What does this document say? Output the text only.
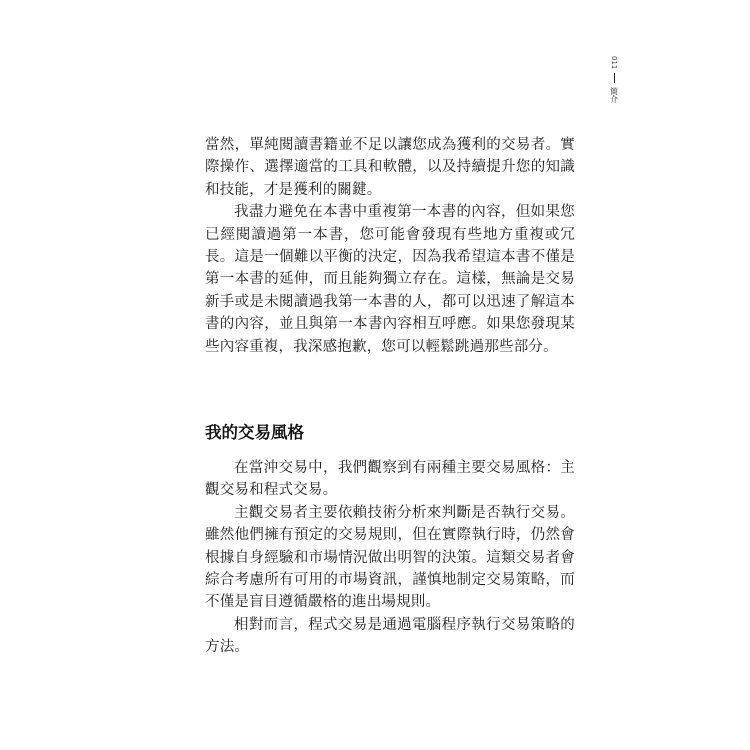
011
簡介

當然，單純閱讀書籍並不足以讓您成為獲利的交易者。實際操作、選擇適當的工具和軟體，以及持續提升您的知識和技能，才是獲利的關鍵。

我盡力避免在本書中重複第一本書的內容，但如果您已經閱讀過第一本書，您可能會發現有些地方重複或冗長。這是一個難以平衡的決定，因為我希望這本書不僅是第一本書的延伸，而且能夠獨立存在。這樣，無論是交易新手或是未閱讀過我第一本書的人，都可以迅速了解這本書的內容，並且與第一本書內容相互呼應。如果您發現某些內容重複，我深感抱歉，您可以輕鬆跳過那些部分。

我的交易風格

在當沖交易中，我們觀察到有兩種主要交易風格：主觀交易和程式交易。

主觀交易者主要依賴技術分析來判斷是否執行交易。雖然他們擁有預定的交易規則，但在實際執行時，仍然會根據自身經驗和市場情況做出明智的決策。這類交易者會綜合考慮所有可用的市場資訊，謹慎地制定交易策略，而不僅是盲目遵循嚴格的進出場規則。

相對而言，程式交易是通過電腦程序執行交易策略的方法。
